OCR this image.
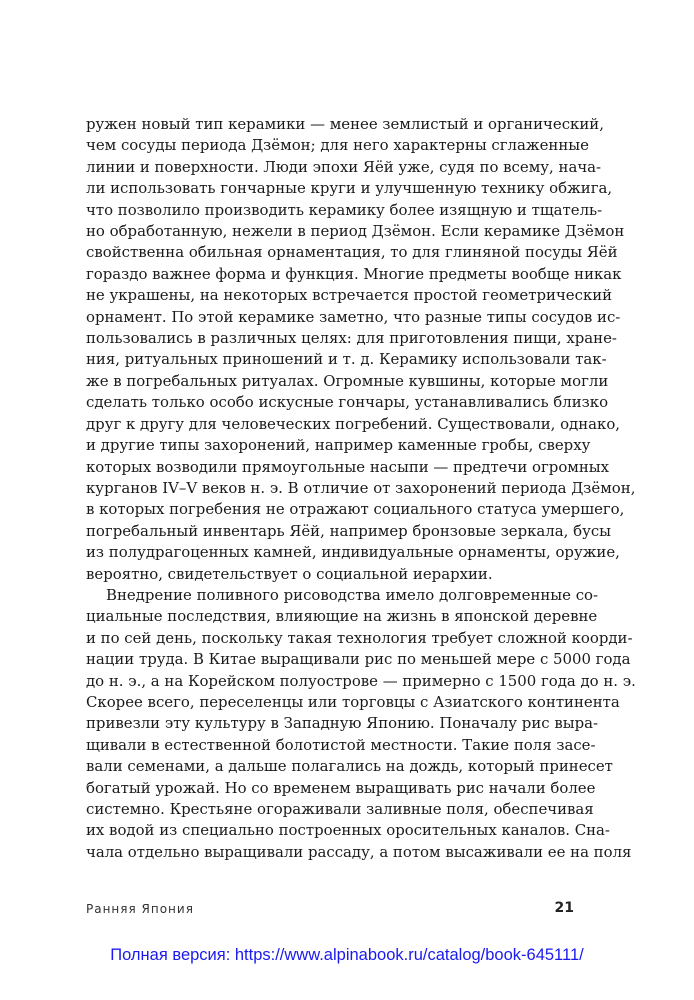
ружен новый тип керамики — менее землистый и органический,
чем сосуды периода Дзёмон; для него характерны сглаженные
линии и поверхности. Люди эпохи Яёй уже, судя по всему, нача-
ли использовать гончарные круги и улучшенную технику обжига,
что позволило производить керамику более изящную и тщатель-
но обработанную, нежели в период Дзёмон. Если керамике Дзёмон
свойственна обильная орнаментация, то для глиняной посуды Яёй
гораздо важнее форма и функция. Многие предметы вообще никак
не украшены, на некоторых встречается простой геометрический
орнамент. По этой керамике заметно, что разные типы сосудов ис-
пользовались в различных целях: для приготовления пищи, хране-
ния, ритуальных приношений и т. д. Керамику использовали так-
же в погребальных ритуалах. Огромные кувшины, которые могли
сделать только особо искусные гончары, устанавливались близко
друг к другу для человеческих погребений. Существовали, однако,
и другие типы захоронений, например каменные гробы, сверху
которых возводили прямоугольные насыпи — предтечи огромных
курганов IV–V веков н. э. В отличие от захоронений периода Дзёмон,
в которых погребения не отражают социального статуса умершего,
погребальный инвентарь Яёй, например бронзовые зеркала, бусы
из полудрагоценных камней, индивидуальные орнаменты, оружие,
вероятно, свидетельствует о социальной иерархии.
Внедрение поливного рисоводства имело долговременные со-
циальные последствия, влияющие на жизнь в японской деревне
и по сей день, поскольку такая технология требует сложной коорди-
нации труда. В Китае выращивали рис по меньшей мере с 5000 года
до н. э., а на Корейском полуострове — примерно с 1500 года до н. э.
Скорее всего, переселенцы или торговцы с Азиатского континента
привезли эту культуру в Западную Японию. Поначалу рис выра-
щивали в естественной болотистой местности. Такие поля засе-
вали семенами, а дальше полагались на дождь, который принесет
богатый урожай. Но со временем выращивать рис начали более
системно. Крестьяне огораживали заливные поля, обеспечивая
их водой из специально построенных оросительных каналов. Сна-
чала отдельно выращивали рассаду, а потом высаживали ее на поля
Ранняя Япония	21
Полная версия: https://www.alpinabook.ru/catalog/book-645111/
